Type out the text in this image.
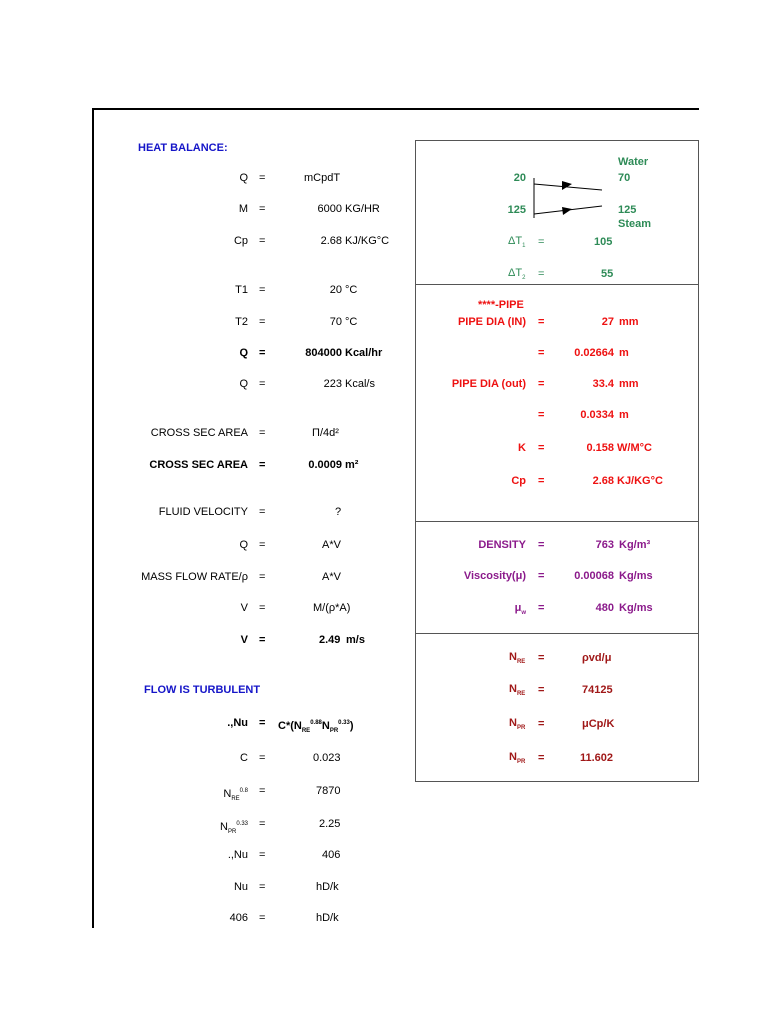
HEAT BALANCE:
Q =	mCpdT
M =	6000 KG/HR
Cp =	2.68 KJ/KG°C
T1 =	20 °C
T2 =	70 °C
Q =	804000 Kcal/hr
Q =	223 Kcal/s
CROSS SEC AREA =	Π/4d²
CROSS SEC AREA =	0.0009 m²
FLUID VELOCITY =	?
Q =	A*V
MASS FLOW RATE/ρ =	A*V
V =	M/(ρ*A)
V =	2.49 m/s
FLOW IS TURBULENT
$.,Nu = C*(N_{RE}^{0.88}N_{PR}^{0.33})$
C =	0.023
$N_{RE}^{0.8}$ =	7870
$N_{PR}^{0.33}$ =	2.25
.,Nu =	406
Nu =	hD/k
406 =	hD/k
Water
20	70
125	125
Steam
$\Delta T_1$ =	105
$\Delta T_2$ =	55
****-PIPE
PIPE DIA (IN) =	27 mm
=	0.02664 m
PIPE DIA (out) =	33.4 mm
=	0.0334 m
K =	0.158 W/M°C
Cp =	2.68 KJ/KG°C
DENSITY =	763 Kg/m³
Viscosity(μ) =	0.00068 Kg/ms
$\mu_w$ =	480 Kg/ms
$N_{RE}$ =	ρvd/μ
$N_{RE}$ =	74125
$N_{PR}$ =	μCp/K
$N_{PR}$ =	11.602
